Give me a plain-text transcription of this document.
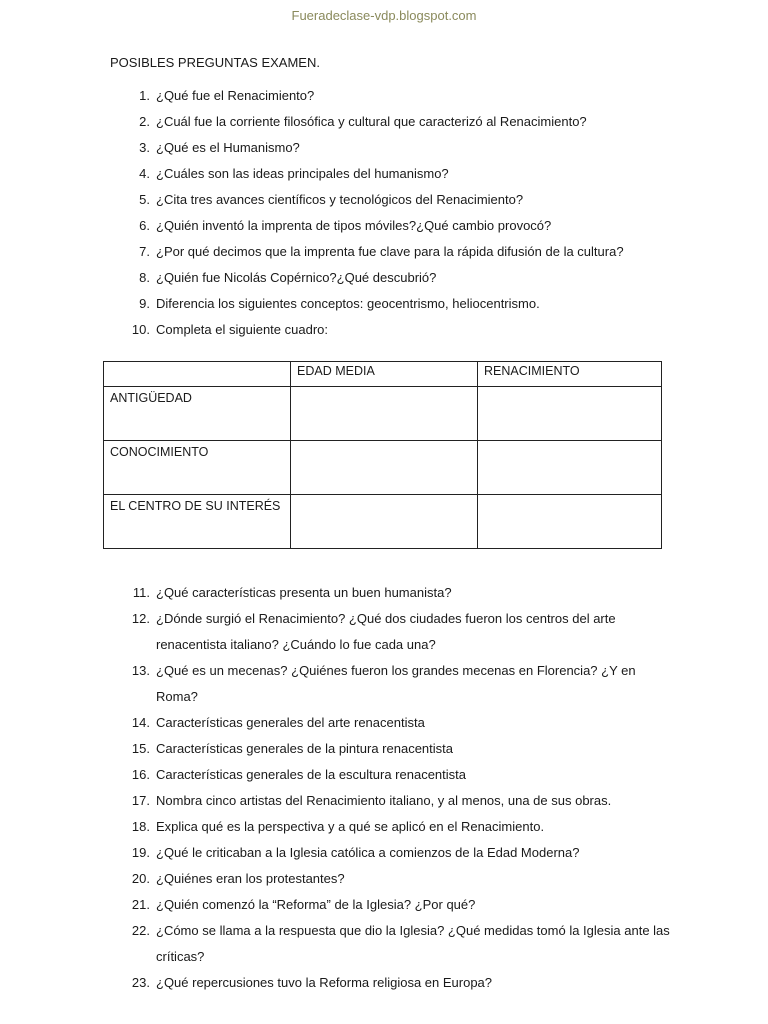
Fueradeclase-vdp.blogspot.com
POSIBLES PREGUNTAS EXAMEN.
1. ¿Qué fue el Renacimiento?
2. ¿Cuál fue la corriente filosófica y cultural que caracterizó al Renacimiento?
3. ¿Qué es el Humanismo?
4. ¿Cuáles son las ideas principales del humanismo?
5. ¿Cita tres avances científicos y tecnológicos del Renacimiento?
6. ¿Quién inventó la imprenta de tipos móviles?¿Qué cambio provocó?
7. ¿Por qué decimos que la imprenta fue clave para la rápida difusión de la cultura?
8. ¿Quién fue Nicolás Copérnico?¿Qué descubrió?
9. Diferencia los siguientes conceptos: geocentrismo, heliocentrismo.
10. Completa el siguiente cuadro:
	EDAD MEDIA	RENACIMIENTO
ANTIGÜEDAD		
CONOCIMIENTO		
EL CENTRO DE SU INTERÉS		
11. ¿Qué características presenta un buen humanista?
12. ¿Dónde surgió el Renacimiento? ¿Qué dos ciudades fueron los centros del arte
renacentista italiano? ¿Cuándo lo fue cada una?
13. ¿Qué es un mecenas? ¿Quiénes fueron los grandes mecenas en Florencia? ¿Y en
Roma?
14. Características generales del arte renacentista
15. Características generales de la pintura renacentista
16. Características generales de la escultura renacentista
17. Nombra cinco artistas del Renacimiento italiano, y al menos, una de sus obras.
18. Explica qué es la perspectiva y a qué se aplicó en el Renacimiento.
19. ¿Qué le criticaban a la Iglesia católica a comienzos de la Edad Moderna?
20. ¿Quiénes eran los protestantes?
21. ¿Quién comenzó la “Reforma” de la Iglesia? ¿Por qué?
22. ¿Cómo se llama a la respuesta que dio la Iglesia? ¿Qué medidas tomó la Iglesia ante las
críticas?
23. ¿Qué repercusiones tuvo la Reforma religiosa en Europa?
